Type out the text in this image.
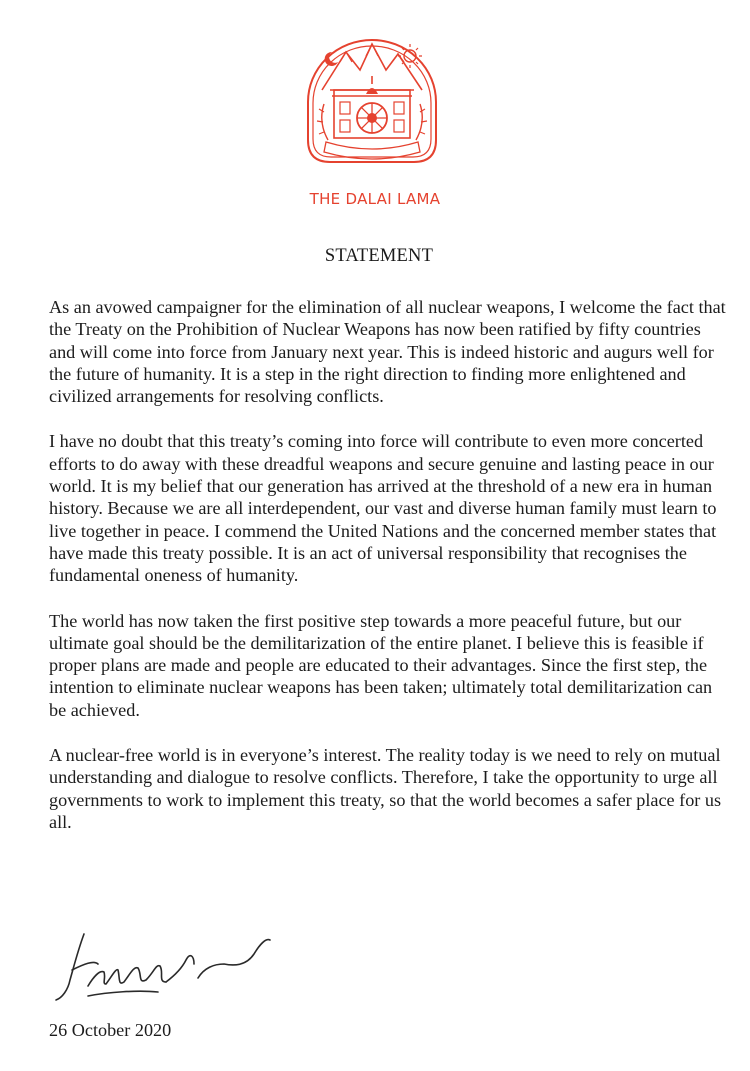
THE DALAI LAMA
STATEMENT

As an avowed campaigner for the elimination of all nuclear weapons, I welcome the fact that the Treaty on the Prohibition of Nuclear Weapons has now been ratified by fifty countries and will come into force from January next year. This is indeed historic and augurs well for the future of humanity. It is a step in the right direction to finding more enlightened and civilized arrangements for resolving conflicts.

I have no doubt that this treaty’s coming into force will contribute to even more concerted efforts to do away with these dreadful weapons and secure genuine and lasting peace in our world. It is my belief that our generation has arrived at the threshold of a new era in human history. Because we are all interdependent, our vast and diverse human family must learn to live together in peace. I commend the United Nations and the concerned member states that have made this treaty possible. It is an act of universal responsibility that recognises the fundamental oneness of humanity.

The world has now taken the first positive step towards a more peaceful future, but our ultimate goal should be the demilitarization of the entire planet. I believe this is feasible if proper plans are made and people are educated to their advantages. Since the first step, the intention to eliminate nuclear weapons has been taken; ultimately total demilitarization can be achieved.

A nuclear-free world is in everyone’s interest. The reality today is we need to rely on mutual understanding and dialogue to resolve conflicts. Therefore, I take the opportunity to urge all governments to work to implement this treaty, so that the world becomes a safer place for us all.

26 October 2020
